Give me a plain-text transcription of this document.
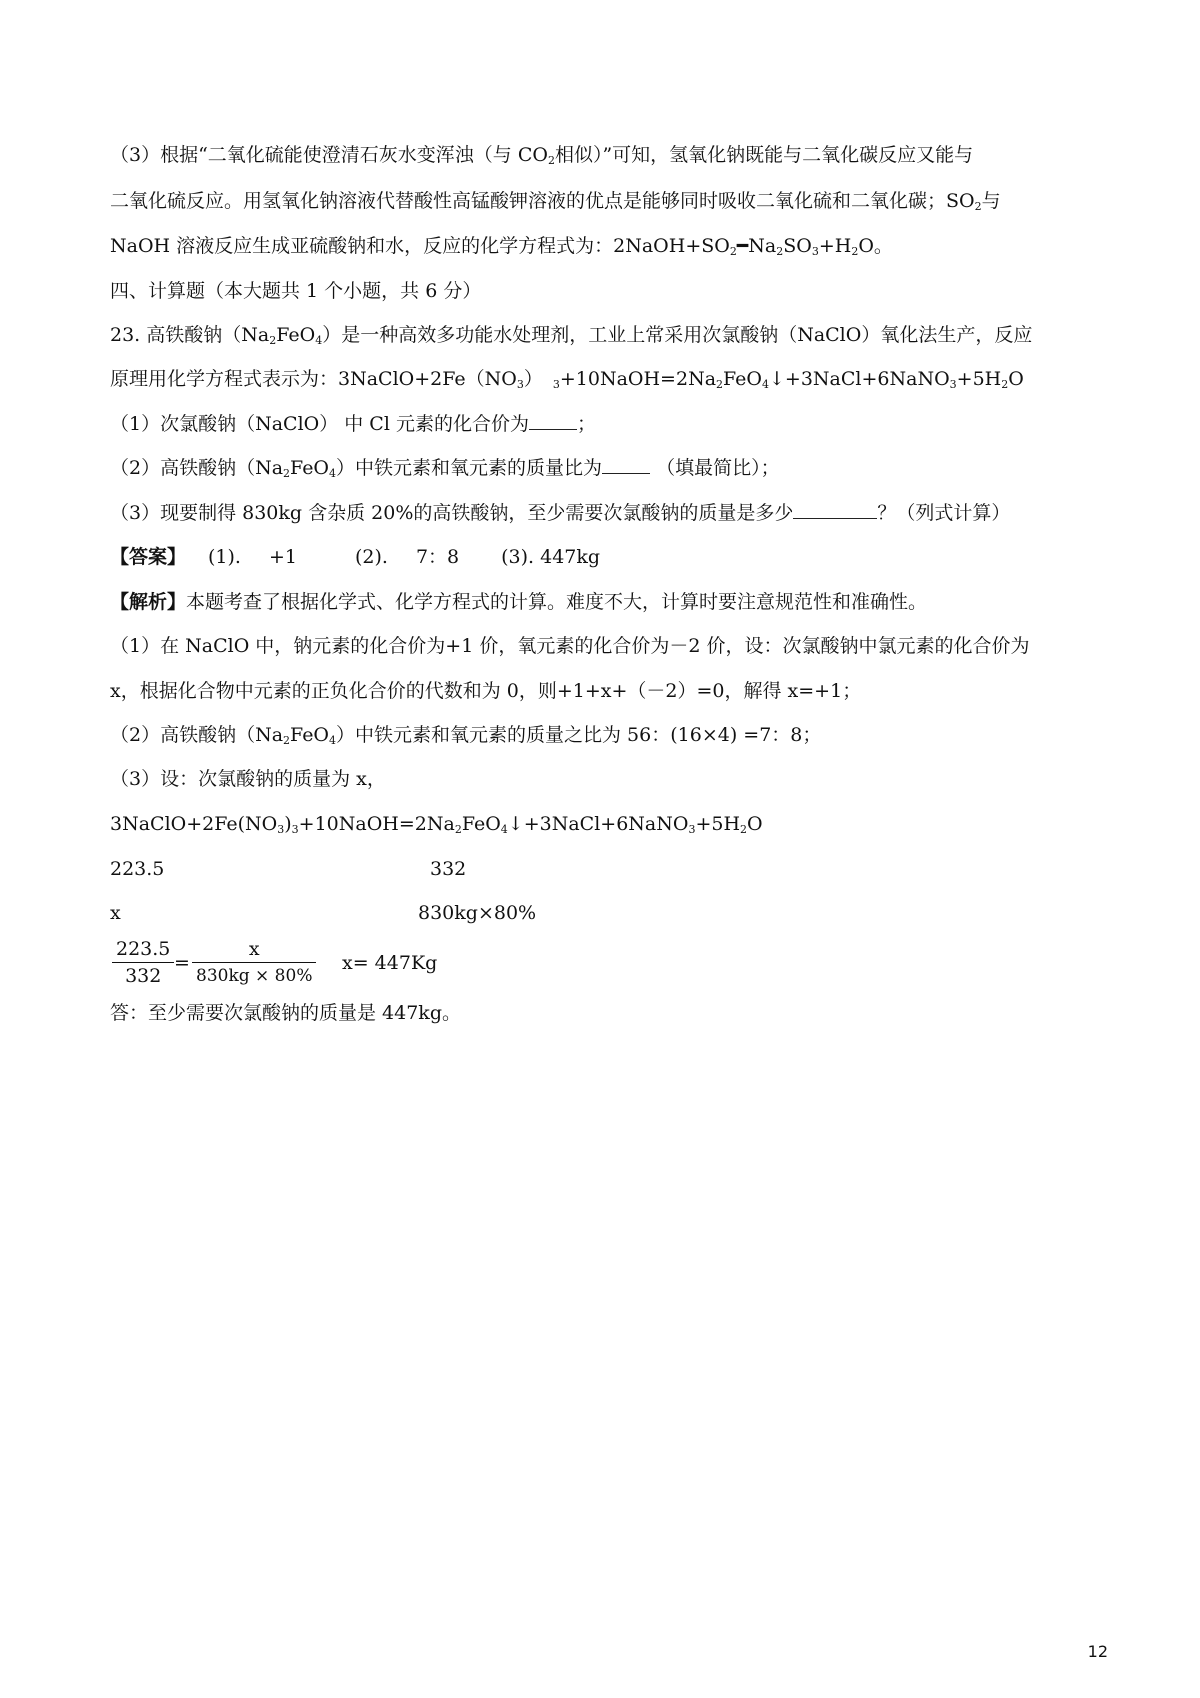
（3）根据“二氧化硫能使澄清石灰水变浑浊（与 $CO_2$相似）”可知，氢氧化钠既能与二氧化碳反应又能与
二氧化硫反应。用氢氧化钠溶液代替酸性高锰酸钾溶液的优点是能够同时吸收二氧化硫和二氧化碳；$SO_2$与
NaOH 溶液反应生成亚硫酸钠和水，反应的化学方程式为：$2NaOH+SO_2━Na_2SO_3+H_2O$。
四、计算题（本大题共 1 个小题，共 6 分）
23. 高铁酸钠$(Na_2FeO_4)$是一种高效多功能水处理剂，工业上常采用次氯酸钠（NaClO）氧化法生产，反应
原理用化学方程式表示为：$3NaClO+2Fe(NO_3)$ $_3+10NaOH=2Na_2FeO_4↓+3NaCl+6NaNO_3+5H_2O$
（1）次氯酸钠（NaClO） 中 Cl 元素的化合价为	；
（2）高铁酸钠$(Na_2FeO_4)$中铁元素和氧元素的质量比为	（填最简比）；
（3）现要制得 830kg 含杂质 20%的高铁酸钠，至少需要次氯酸钠的质量是多少	？（列式计算）
【答案】 (1). +1	(2). 7：8 (3). 447kg
【解析】本题考查了根据化学式、化学方程式的计算。难度不大，计算时要注意规范性和准确性。
（1）在 NaClO 中，钠元素的化合价为+1 价，氧元素的化合价为－2 价，设：次氯酸钠中氯元素的化合价为
x，根据化合物中元素的正负化合价的代数和为 0，则+1+x+（－2）=0，解得 x=+1；
（2）高铁酸钠$(Na_2FeO_4)$中铁元素和氧元素的质量之比为 56：(16×4) =7：8；
（3）设：次氯酸钠的质量为 x，
$3NaClO+2Fe(NO_3)_3+10NaOH=2Na_2FeO_4↓+3NaCl+6NaNO_3+5H_2O$
223.5	332
x	830kg×80%
223.5
332
=
x
830kg × 80%
x= 447Kg
答：至少需要次氯酸钠的质量是 447kg。
12
